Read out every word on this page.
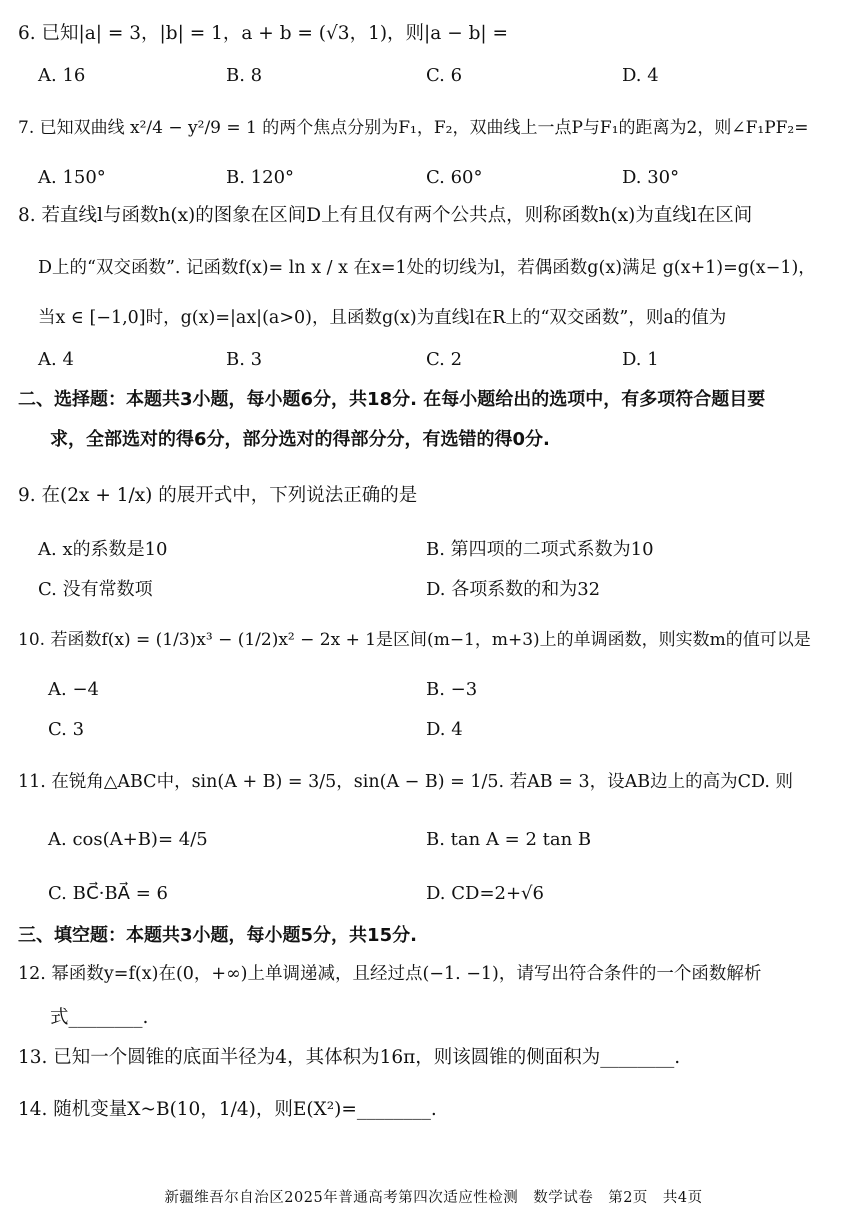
6. 已知|a| = 3，|b| = 1，a + b = (√3，1)，则|a − b| =
A. 16	B. 8	C. 6	D. 4
7. 已知双曲线 x²/4 − y²/9 = 1 的两个焦点分别为F₁，F₂，双曲线上一点P与F₁的距离为2，则∠F₁PF₂=
A. 150°	B. 120°	C. 60°	D. 30°
8. 若直线l与函数h(x)的图象在区间D上有且仅有两个公共点，则称函数h(x)为直线l在区间
D上的“双交函数”. 记函数f(x)= ln x / x 在x=1处的切线为l，若偶函数g(x)满足 g(x+1)=g(x−1)，
当x ∈ [−1,0]时，g(x)=|ax|(a>0)，且函数g(x)为直线l在R上的“双交函数”，则a的值为
A. 4	B. 3	C. 2	D. 1
二、选择题：本题共3小题，每小题6分，共18分. 在每小题给出的选项中，有多项符合题目要
求，全部选对的得6分，部分选对的得部分分，有选错的得0分.
9. 在(2x + 1/x) 的展开式中，下列说法正确的是
A. x的系数是10	B. 第四项的二项式系数为10
C. 没有常数项	D. 各项系数的和为32
10. 若函数f(x) = (1/3)x³ − (1/2)x² − 2x + 1是区间(m−1，m+3)上的单调函数，则实数m的值可以是
A. −4	B. −3
C. 3	D. 4
11. 在锐角△ABC中，sin(A + B) = 3/5，sin(A − B) = 1/5. 若AB = 3，设AB边上的高为CD. 则
A. cos(A+B)= 4/5	B. tan A = 2 tan B
C. BC⃗·BA⃗ = 6	D. CD=2+√6
三、填空题：本题共3小题，每小题5分，共15分.
12. 幂函数y=f(x)在(0，+∞)上单调递减，且经过点(−1. −1)，请写出符合条件的一个函数解析
式________.
13. 已知一个圆锥的底面半径为4，其体积为16π，则该圆锥的侧面积为________.
14. 随机变量X~B(10，1/4)，则E(X²)=________.
新疆维吾尔自治区2025年普通高考第四次适应性检测　数学试卷　第2页　共4页
